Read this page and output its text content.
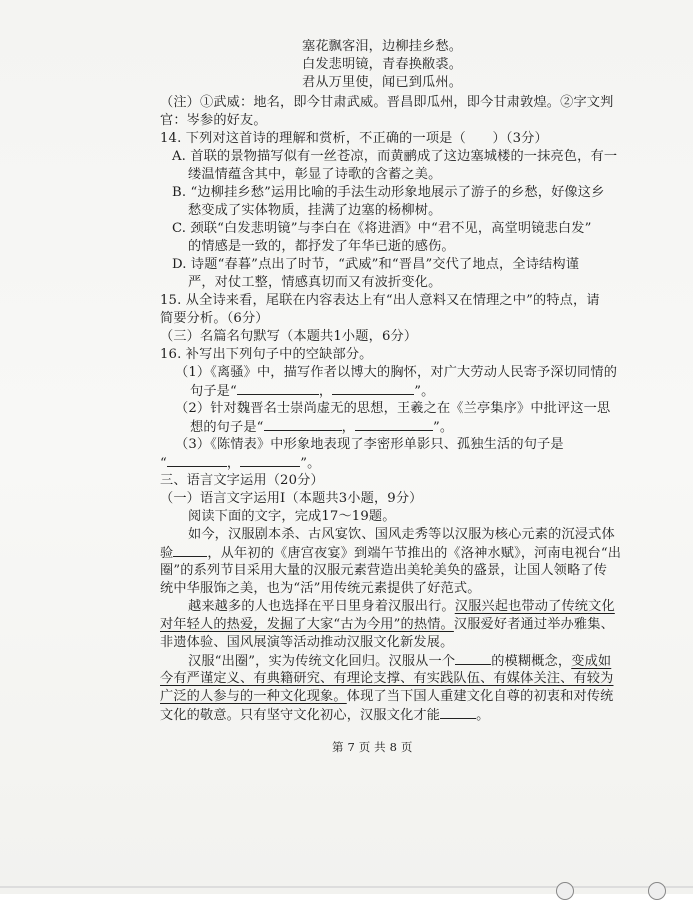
塞花飘客泪，边柳挂乡愁。
白发悲明镜，青春换敝裘。
君从万里使，闻已到瓜州。
（注）①武威：地名，即今甘肃武威。晋昌即瓜州，即今甘肃敦煌。②字文判
官：岑参的好友。
14. 下列对这首诗的理解和赏析，不正确的一项是（　　）（3分）
A. 首联的景物描写似有一丝苍凉，而黄鹂成了这边塞城楼的一抹亮色，有一
缕温情蕴含其中，彰显了诗歌的含蓄之美。
B. “边柳挂乡愁”运用比喻的手法生动形象地展示了游子的乡愁，好像这乡
愁变成了实体物质，挂满了边塞的杨柳树。
C. 颈联“白发悲明镜”与李白在《将进酒》中“君不见，高堂明镜悲白发”
的情感是一致的，都抒发了年华已逝的感伤。
D. 诗题“春暮”点出了时节，“武威”和“晋昌”交代了地点，全诗结构谨
严，对仗工整，情感真切而又有波折变化。
15. 从全诗来看，尾联在内容表达上有“出人意料又在情理之中”的特点，请
简要分析。（6分）
（三）名篇名句默写（本题共1小题，6分）
16. 补写出下列句子中的空缺部分。
（1）《离骚》中，描写作者以博大的胸怀，对广大劳动人民寄予深切同情的
句子是“	，	”。
（2）针对魏晋名士崇尚虚无的思想，王羲之在《兰亭集序》中批评这一思
想的句子是“	，	”。
（3）《陈情表》中形象地表现了李密形单影只、孤独生活的句子是
“	，	”。
三、语言文字运用（20分）
（一）语言文字运用Ⅰ（本题共3小题，9分）
阅读下面的文字，完成17～19题。
如今，汉服剧本杀、古风宴饮、国风走秀等以汉服为核心元素的沉浸式体
验	，从年初的《唐宫夜宴》到端午节推出的《洛神水赋》，河南电视台“出
圈”的系列节目采用大量的汉服元素营造出美轮美奂的盛景，让国人领略了传
统中华服饰之美，也为“活”用传统元素提供了好范式。
越来越多的人也选择在平日里身着汉服出行。汉服兴起也带动了传统文化
对年轻人的热爱，发掘了大家“古为今用”的热情。汉服爱好者通过举办雅集、
非遗体验、国风展演等活动推动汉服文化新发展。
汉服“出圈”，实为传统文化回归。汉服从一个	的模糊概念，变成如
今有严谨定义、有典籍研究、有理论支撑、有实践队伍、有媒体关注、有较为
广泛的人参与的一种文化现象。体现了当下国人重建文化自尊的初衷和对传统
文化的敬意。只有坚守文化初心，汉服文化才能	。
第 7 页 共 8 页
